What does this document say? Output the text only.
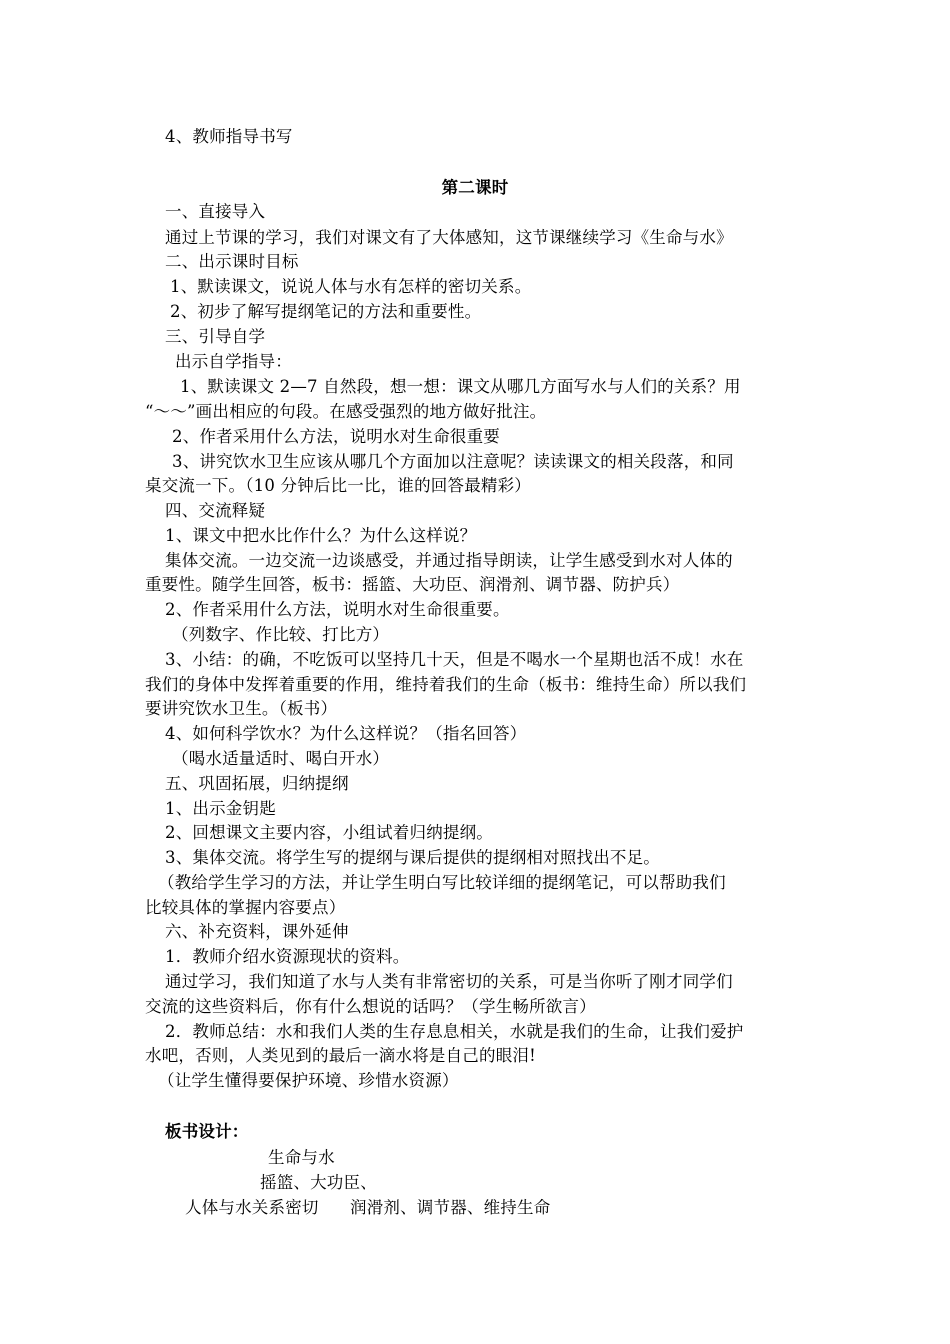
4、教师指导书写
第二课时
一、直接导入
通过上节课的学习，我们对课文有了大体感知，这节课继续学习《生命与水》
二、出示课时目标
1、默读课文，说说人体与水有怎样的密切关系。
2、初步了解写提纲笔记的方法和重要性。
三、引导自学
出示自学指导：
1、默读课文 2—7 自然段，想一想：课文从哪几方面写水与人们的关系？用
“～～”画出相应的句段。在感受强烈的地方做好批注。
2、作者采用什么方法，说明水对生命很重要
3、讲究饮水卫生应该从哪几个方面加以注意呢？读读课文的相关段落，和同
桌交流一下。（10 分钟后比一比，谁的回答最精彩）
四、交流释疑
1、课文中把水比作什么？为什么这样说？
集体交流。一边交流一边谈感受，并通过指导朗读，让学生感受到水对人体的
重要性。随学生回答，板书：摇篮、大功臣、润滑剂、调节器、防护兵）
2、作者采用什么方法，说明水对生命很重要。
（列数字、作比较、打比方）
3、小结：的确，不吃饭可以坚持几十天，但是不喝水一个星期也活不成！水在
我们的身体中发挥着重要的作用，维持着我们的生命（板书：维持生命）所以我们
要讲究饮水卫生。（板书）
4、如何科学饮水？为什么这样说？（指名回答）
（喝水适量适时、喝白开水）
五、巩固拓展，归纳提纲
1、出示金钥匙
2、回想课文主要内容，小组试着归纳提纲。
3、集体交流。将学生写的提纲与课后提供的提纲相对照找出不足。
（教给学生学习的方法，并让学生明白写比较详细的提纲笔记，可以帮助我们
比较具体的掌握内容要点）
六、补充资料，课外延伸
1．教师介绍水资源现状的资料。
通过学习，我们知道了水与人类有非常密切的关系，可是当你听了刚才同学们
交流的这些资料后，你有什么想说的话吗？（学生畅所欲言）
2．教师总结：水和我们人类的生存息息相关，水就是我们的生命，让我们爱护
水吧，否则，人类见到的最后一滴水将是自己的眼泪!
（让学生懂得要保护环境、珍惜水资源）
板书设计：
生命与水
摇篮、大功臣、
人体与水关系密切 润滑剂、调节器、维持生命
